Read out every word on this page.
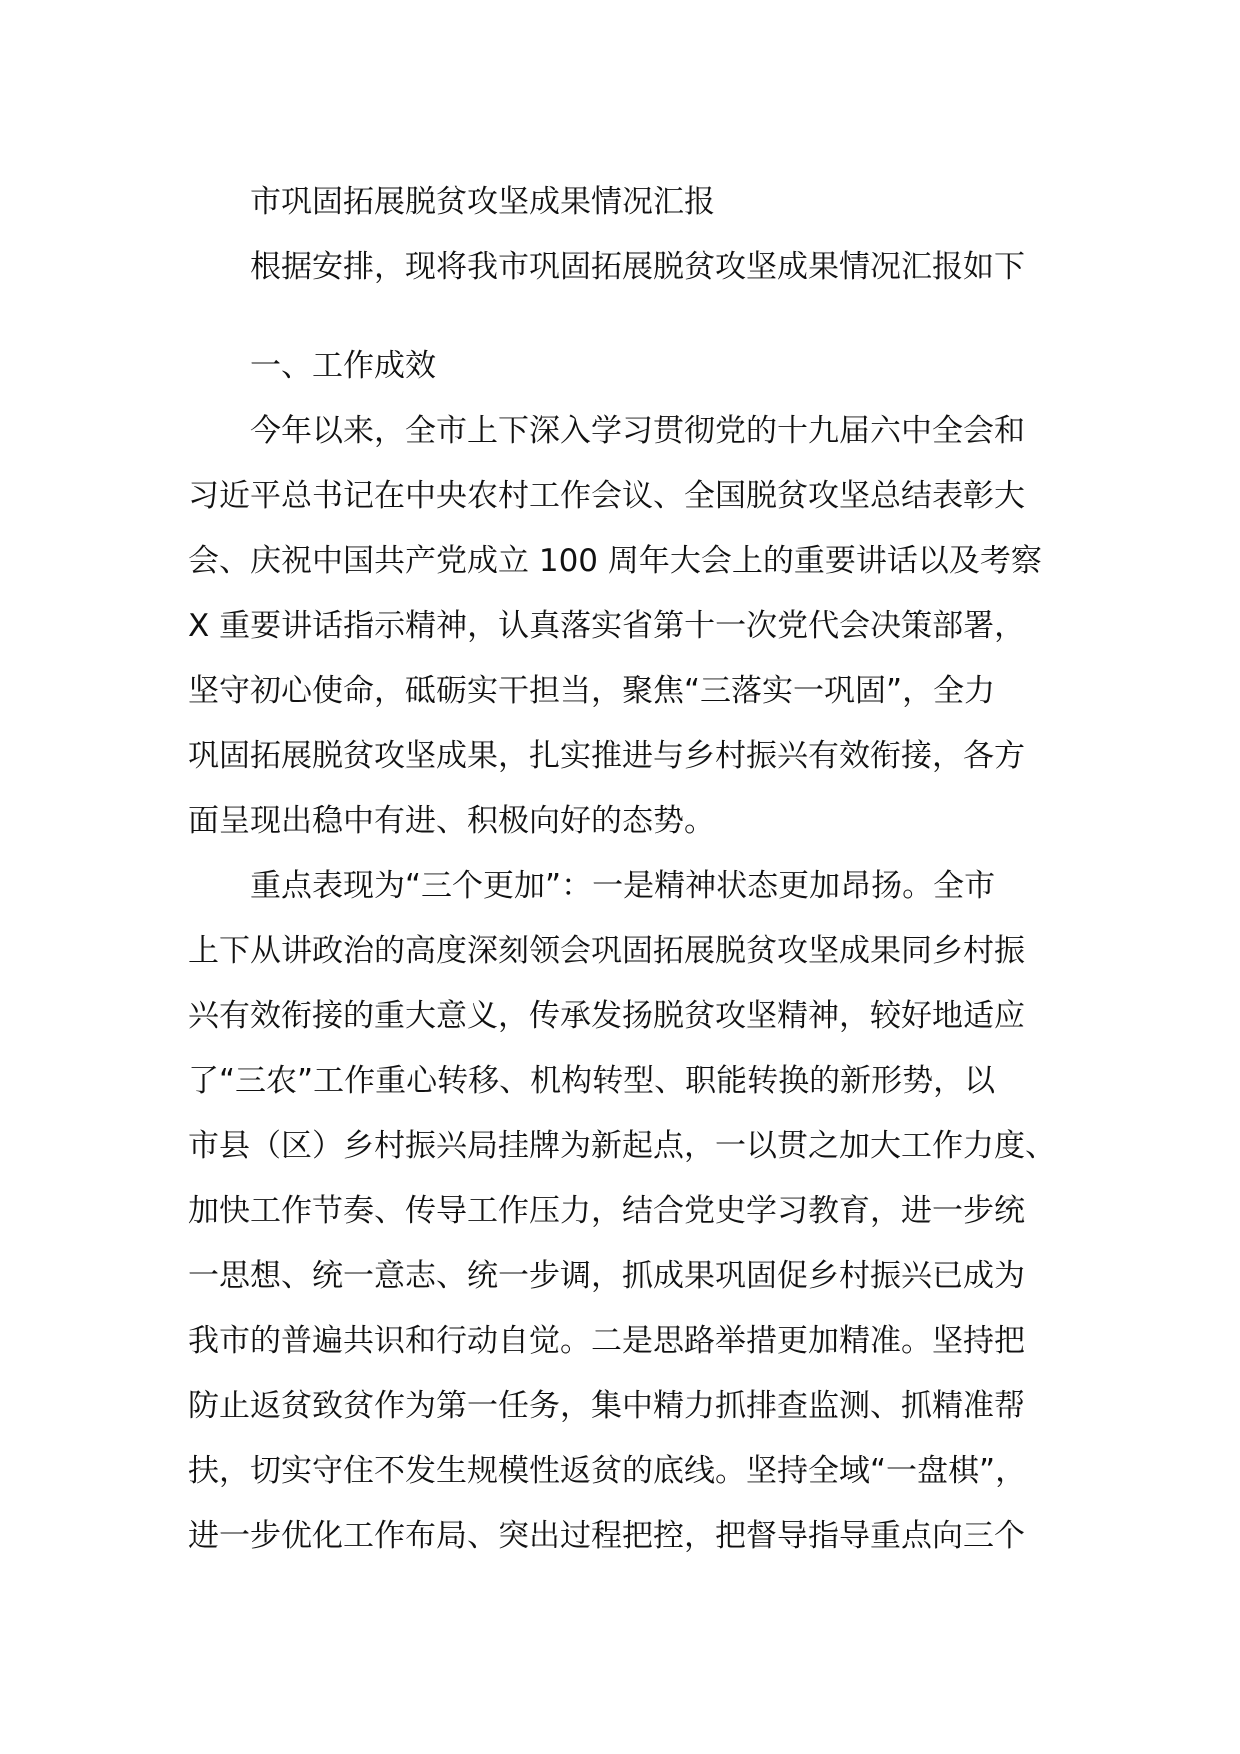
市巩固拓展脱贫攻坚成果情况汇报
根据安排，现将我市巩固拓展脱贫攻坚成果情况汇报如下
一、工作成效
今年以来，全市上下深入学习贯彻党的十九届六中全会和
习近平总书记在中央农村工作会议、全国脱贫攻坚总结表彰大
会、庆祝中国共产党成立 100 周年大会上的重要讲话以及考察
X 重要讲话指示精神，认真落实省第十一次党代会决策部署，
坚守初心使命，砥砺实干担当，聚焦“三落实一巩固”，全力
巩固拓展脱贫攻坚成果，扎实推进与乡村振兴有效衔接，各方
面呈现出稳中有进、积极向好的态势。
重点表现为“三个更加”：一是精神状态更加昂扬。全市
上下从讲政治的高度深刻领会巩固拓展脱贫攻坚成果同乡村振
兴有效衔接的重大意义，传承发扬脱贫攻坚精神，较好地适应
了“三农”工作重心转移、机构转型、职能转换的新形势，以
市县（区）乡村振兴局挂牌为新起点，一以贯之加大工作力度、
加快工作节奏、传导工作压力，结合党史学习教育，进一步统
一思想、统一意志、统一步调，抓成果巩固促乡村振兴已成为
我市的普遍共识和行动自觉。二是思路举措更加精准。坚持把
防止返贫致贫作为第一任务，集中精力抓排查监测、抓精准帮
扶，切实守住不发生规模性返贫的底线。坚持全域“一盘棋”，
进一步优化工作布局、突出过程把控，把督导指导重点向三个
